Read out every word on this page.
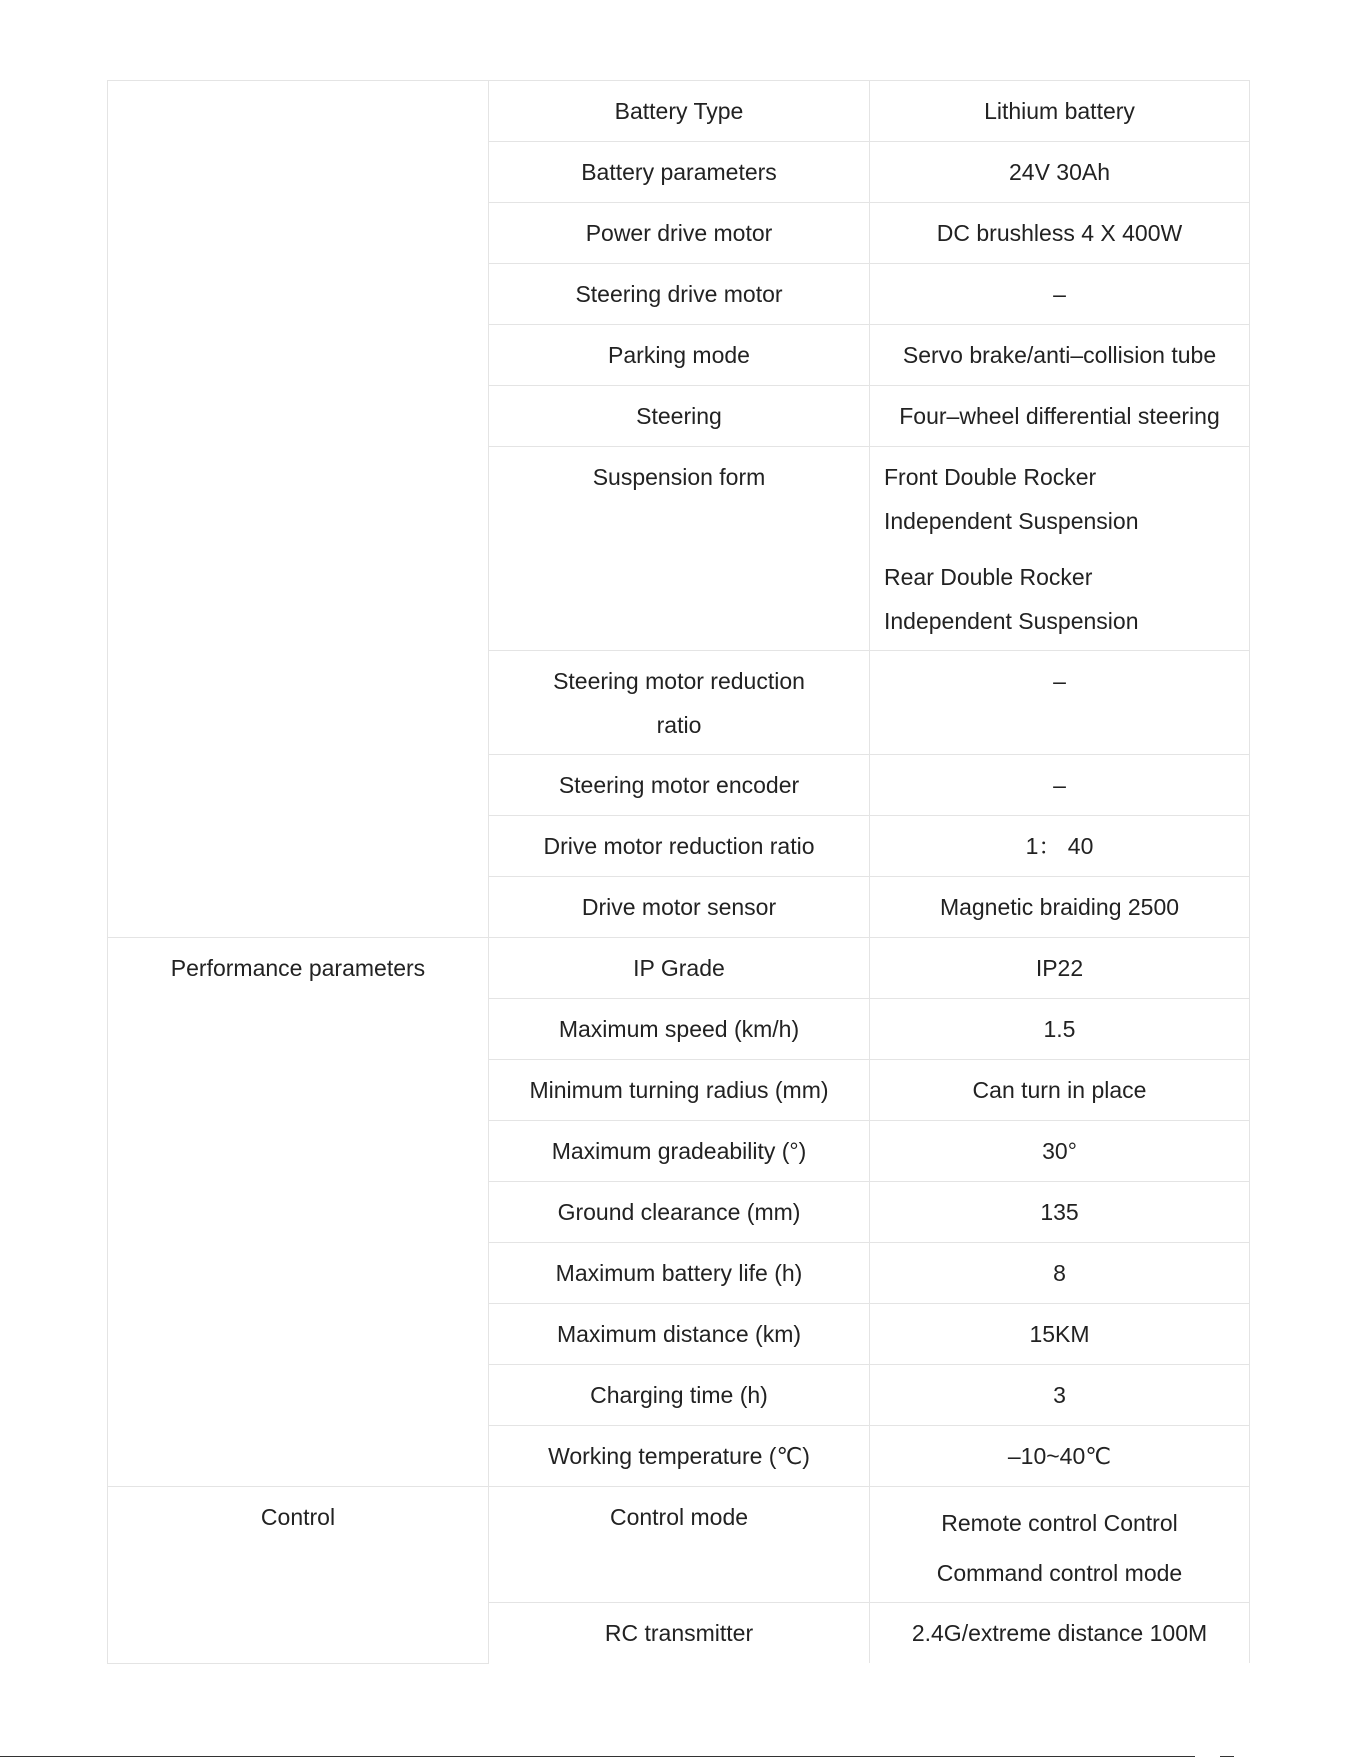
	Battery Type	Lithium battery
	Battery parameters	24V 30Ah
	Power drive motor	DC brushless 4 X 400W
	Steering drive motor	–
	Parking mode	Servo brake/anti–collision tube
	Steering	Four–wheel differential steering
	Suspension form	Front Double Rocker
Independent Suspension
Rear Double Rocker
Independent Suspension

	Steering motor reduction
ratio	–
	Steering motor encoder	–
	Drive motor reduction ratio	1： 40
	Drive motor sensor	Magnetic braiding 2500
Performance parameters	IP Grade	IP22
	Maximum speed (km/h)	1.5
	Minimum turning radius (mm)	Can turn in place
	Maximum gradeability (°)	30°
	Ground clearance (mm)	135
	Maximum battery life (h)	8
	Maximum distance (km)	15KM
	Charging time (h)	3
	Working temperature (℃)	–10~40℃
Control	Control mode	Remote control Control
Command control mode

	RC transmitter	2.4G/extreme distance 100M
